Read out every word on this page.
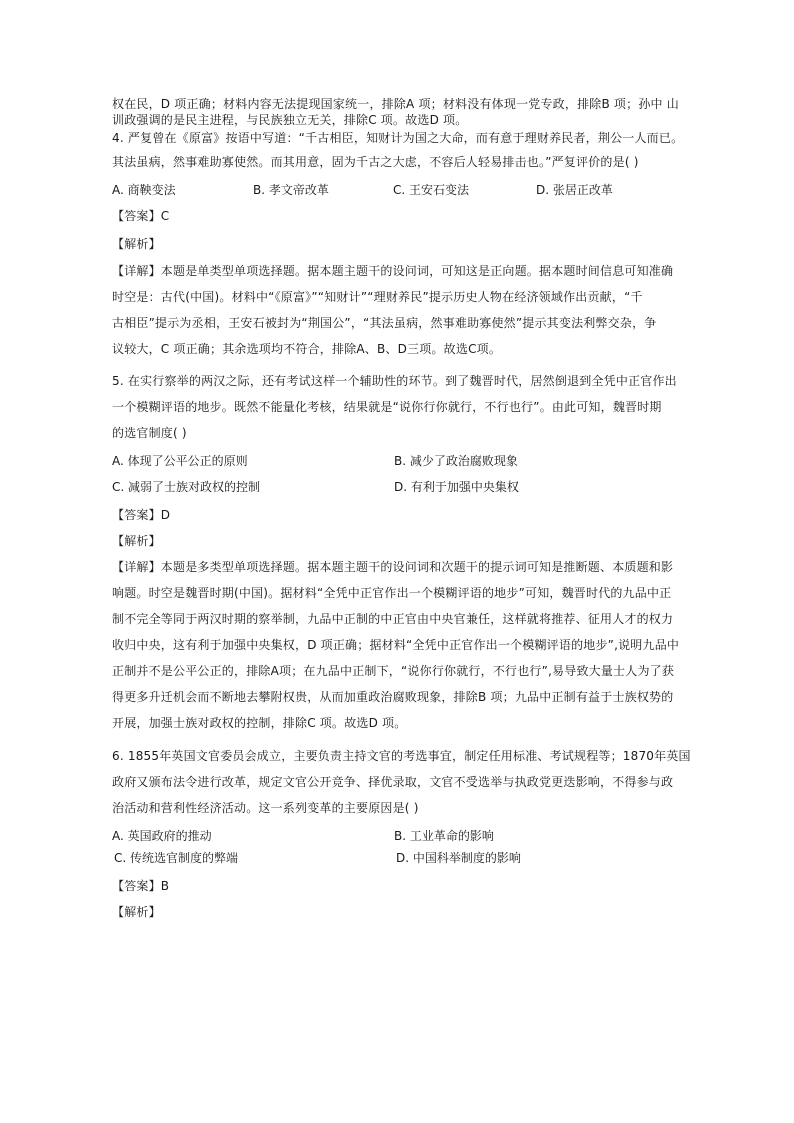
权在民，D 项正确；材料内容无法提现国家统一，排除A 项；材料没有体现一党专政，排除B 项；孙中 山
训政强调的是民主进程，与民族独立无关，排除C 项。故选D 项。
4. 严复曾在《原富》按语中写道：“千古相臣，知财计为国之大命，而有意于理财养民者，荆公一人而已。
其法虽病，然事难助寡使然。而其用意，固为千古之大虑，不容后人轻易排击也。”严复评价的是( )
A. 商鞅变法	B. 孝文帝改革	C. 王安石变法	D. 张居正改革
【答案】C
【解析】
【详解】本题是单类型单项选择题。据本题主题干的设问词，可知这是正向题。据本题时间信息可知准确
时空是：古代(中国)。材料中“《原富》”“知财计”“理财养民”提示历史人物在经济领域作出贡献，“千
古相臣”提示为丞相，王安石被封为“荆国公”，“其法虽病，然事难助寡使然”提示其变法利弊交杂，争
议较大，C 项正确；其余选项均不符合，排除A、B、D三项。故选C项。
5. 在实行察举的两汉之际，还有考试这样一个辅助性的环节。到了魏晋时代，居然倒退到全凭中正官作出
一个模糊评语的地步。既然不能量化考核，结果就是“说你行你就行，不行也行”。由此可知，魏晋时期
的选官制度( )
A. 体现了公平公正的原则	B. 减少了政治腐败现象
C. 减弱了士族对政权的控制	D. 有利于加强中央集权
【答案】D
【解析】
【详解】本题是多类型单项选择题。据本题主题干的设问词和次题干的提示词可知是推断题、本质题和影
响题。时空是魏晋时期(中国)。据材料“全凭中正官作出一个模糊评语的地步”可知，魏晋时代的九品中正
制不完全等同于两汉时期的察举制，九品中正制的中正官由中央官兼任，这样就将推荐、征用人才的权力
收归中央，这有利于加强中央集权，D 项正确；据材料“全凭中正官作出一个模糊评语的地步”,说明九品中
正制并不是公平公正的，排除A项；在九品中正制下，“说你行你就行，不行也行”,易导致大量士人为了获
得更多升迁机会而不断地去攀附权贵，从而加重政治腐败现象，排除B 项；九品中正制有益于士族权势的
开展，加强士族对政权的控制，排除C 项。故选D 项。
6. 1855年英国文官委员会成立，主要负责主持文官的考选事宜，制定任用标准、考试规程等；1870年英国
政府又颁布法令进行改革，规定文官公开竞争、择优录取，文官不受选举与执政党更迭影响，不得参与政
治活动和营利性经济活动。这一系列变革的主要原因是( )
A. 英国政府的推动	B. 工业革命的影响
C. 传统选官制度的弊端	D. 中国科举制度的影响
【答案】B
【解析】
